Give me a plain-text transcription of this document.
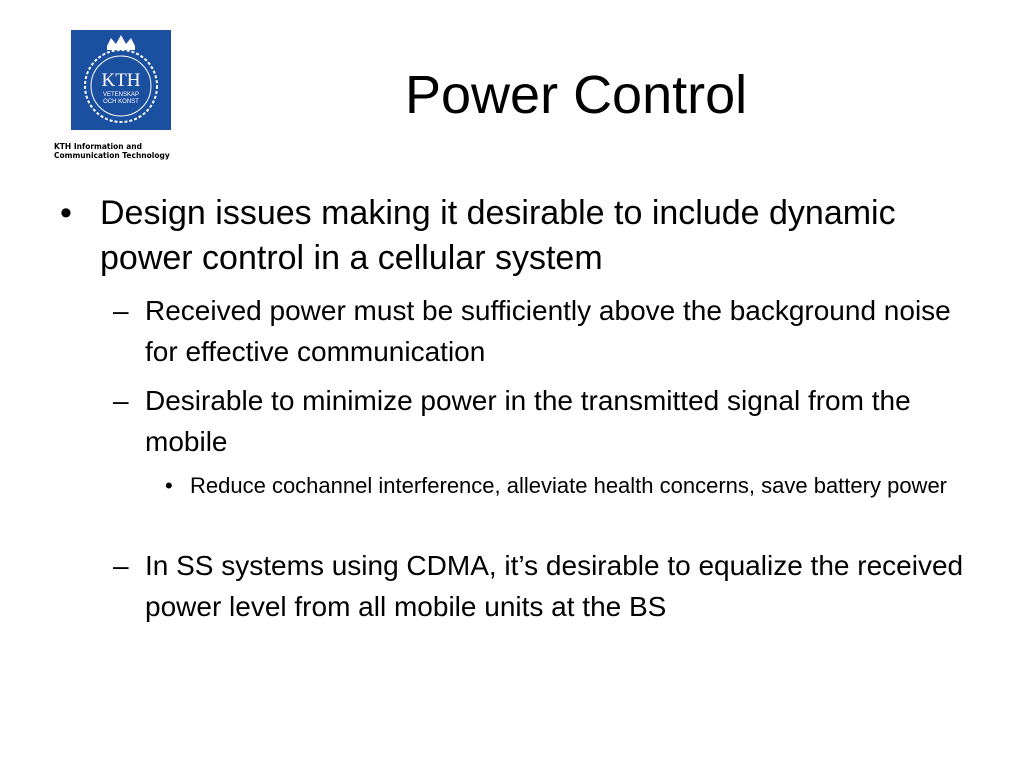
KTH
VETENSKAP
OCH KONST
KTH Information and
Communication Technology
Power Control
• Design issues making it desirable to include dynamic power control in a cellular system
– Received power must be sufficiently above the background noise for effective communication
– Desirable to minimize power in the transmitted signal from the mobile
• Reduce cochannel interference, alleviate health concerns, save battery power
– In SS systems using CDMA, it’s desirable to equalize the received power level from all mobile units at the BS
